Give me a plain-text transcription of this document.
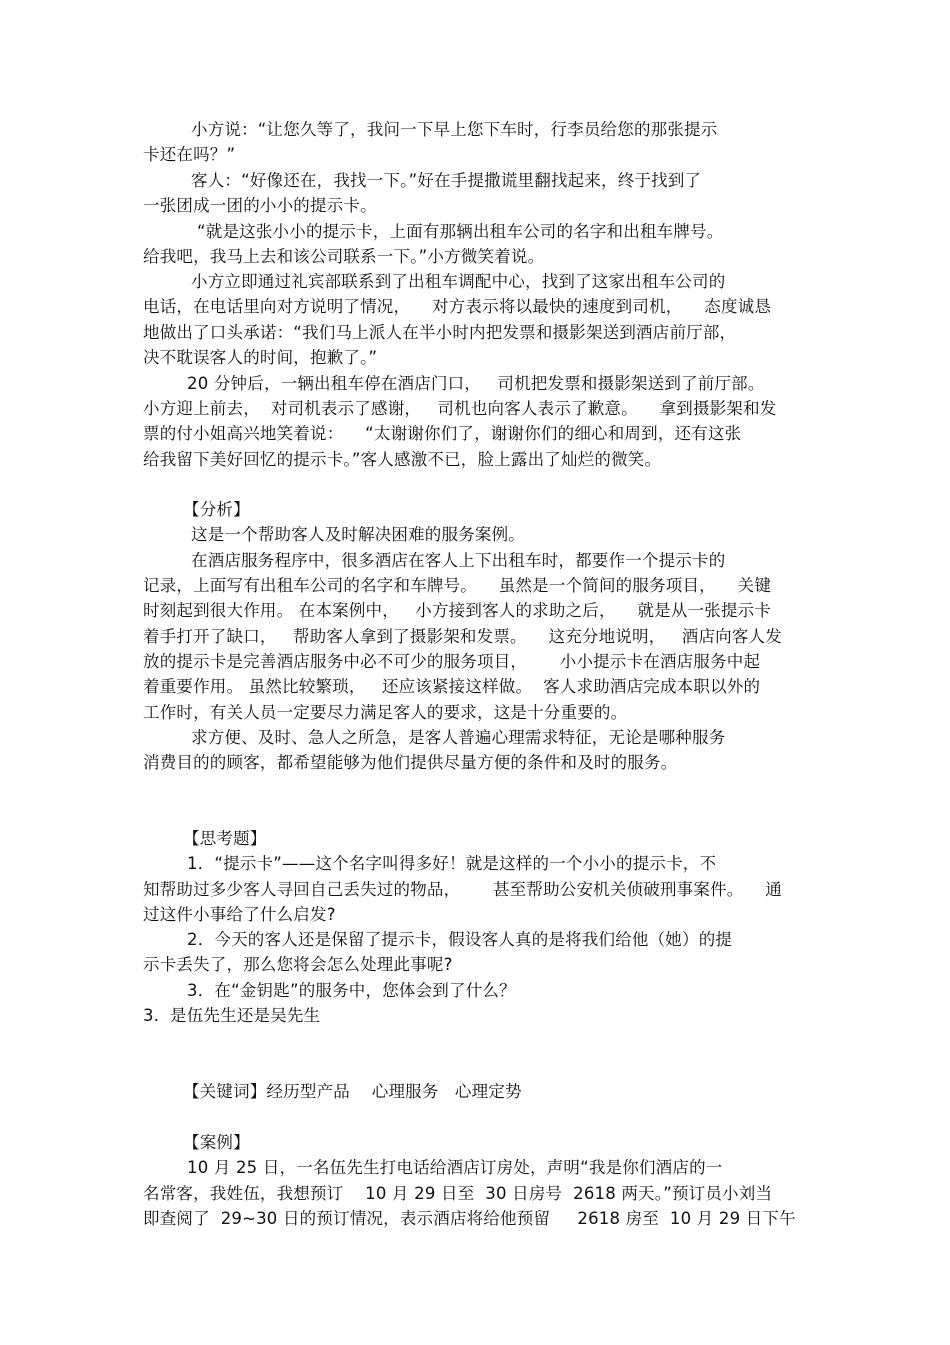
小方说：“让您久等了，我问一下早上您下车时，行李员给您的那张提示
卡还在吗？”
客人：“好像还在，我找一下。”好在手提撒谎里翻找起来，终于找到了
一张团成一团的小小的提示卡。
“就是这张小小的提示卡，上面有那辆出租车公司的名字和出租车牌号。
给我吧，我马上去和该公司联系一下。”小方微笑着说。
小方立即通过礼宾部联系到了出租车调配中心，找到了这家出租车公司的
电话，在电话里向对方说明了情况，    对方表示将以最快的速度到司机，    态度诚恳
地做出了口头承诺：“我们马上派人在半小时内把发票和摄影架送到酒店前厅部，
决不耽误客人的时间，抱歉了。”
20 分钟后，一辆出租车停在酒店门口，   司机把发票和摄影架送到了前厅部。
小方迎上前去，  对司机表示了感谢，   司机也向客人表示了歉意。    拿到摄影架和发
票的付小姐高兴地笑着说：    “太谢谢你们了，谢谢你们的细心和周到，还有这张
给我留下美好回忆的提示卡。”客人感激不已，脸上露出了灿烂的微笑。
【分析】
这是一个帮助客人及时解决困难的服务案例。
在酒店服务程序中，很多酒店在客人上下出租车时，都要作一个提示卡的
记录，上面写有出租车公司的名字和车牌号。    虽然是一个简间的服务项目，    关键
时刻起到很大作用。 在本案例中，   小方接到客人的求助之后，    就是从一张提示卡
着手打开了缺口，   帮助客人拿到了摄影架和发票。    这充分地说明，   酒店向客人发
放的提示卡是完善酒店服务中必不可少的服务项目，      小小提示卡在酒店服务中起
着重要作用。 虽然比较繁琐，   还应该紧接这样做。  客人求助酒店完成本职以外的
工作时，有关人员一定要尽力满足客人的要求，这是十分重要的。
求方便、及时、急人之所急，是客人普遍心理需求特征，无论是哪种服务
消费目的的顾客，都希望能够为他们提供尽量方便的条件和及时的服务。
【思考题】
1．“提示卡”——这个名字叫得多好！就是这样的一个小小的提示卡，不
知帮助过多少客人寻回自己丢失过的物品，      甚至帮助公安机关侦破刑事案件。    通
过这件小事给了什么启发?
2．今天的客人还是保留了提示卡，假设客人真的是将我们给他（她）的提
示卡丢失了，那么您将会怎么处理此事呢?
3．在“金钥匙”的服务中，您体会到了什么？
3.  是伍先生还是吴先生
【关键词】经历型产品    心理服务   心理定势
【案例】
10 月 25 日，一名伍先生打电话给酒店订房处，声明“我是你们酒店的一
名常客，我姓伍，我想预订    10 月 29 日至  30 日房号  2618 两天。”预订员小刘当
即查阅了  29~30 日的预订情况，表示酒店将给他预留     2618 房至  10 月 29 日下午
